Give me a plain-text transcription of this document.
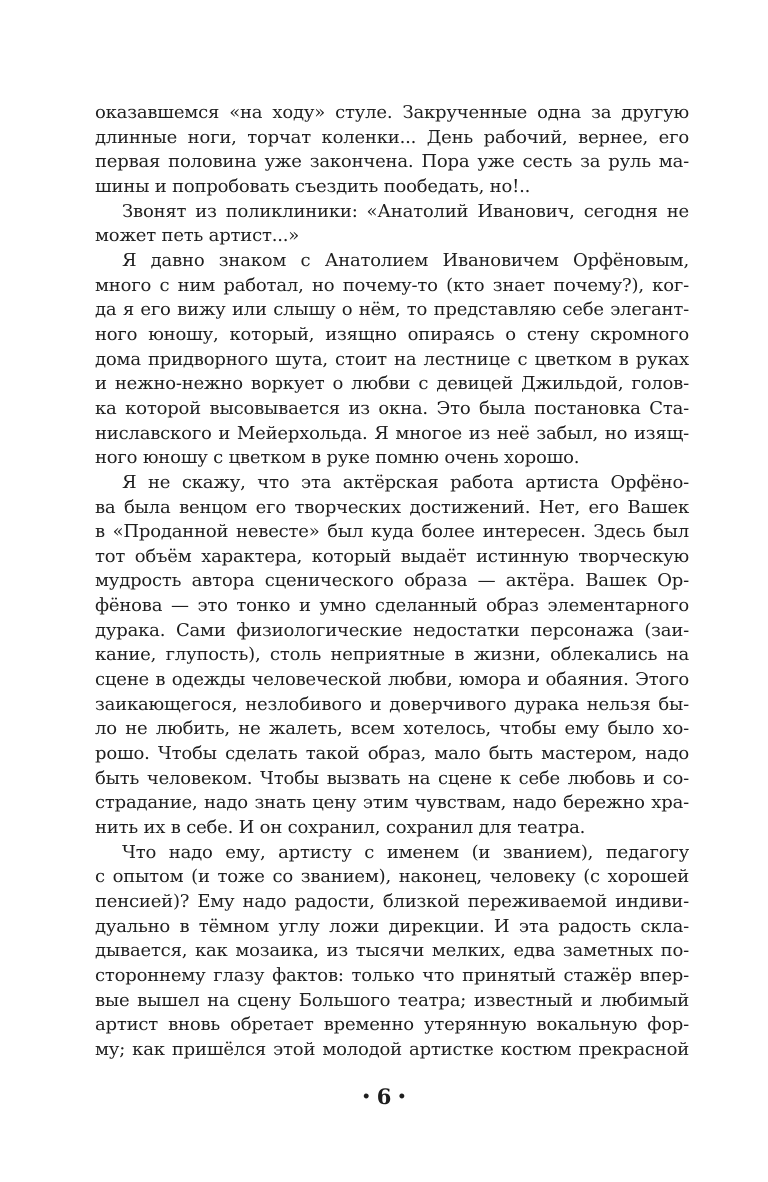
оказавшемся «на ходу» стуле. Закрученные одна за другую
длинные ноги, торчат коленки... День рабочий, вернее, его
первая половина уже закончена. Пора уже сесть за руль ма-
шины и попробовать съездить пообедать, но!..
Звонят из поликлиники: «Анатолий Иванович, сегодня не
может петь артист...»
Я давно знаком с Анатолием Ивановичем Орфёновым,
много с ним работал, но почему-то (кто знает почему?), ког-
да я его вижу или слышу о нём, то представляю себе элегант-
ного юношу, который, изящно опираясь о стену скромного
дома придворного шута, стоит на лестнице с цветком в руках
и нежно-нежно воркует о любви с девицей Джильдой, голов-
ка которой высовывается из окна. Это была постановка Ста-
ниславского и Мейерхольда. Я многое из неё забыл, но изящ-
ного юношу с цветком в руке помню очень хорошо.
Я не скажу, что эта актёрская работа артиста Орфёно-
ва была венцом его творческих достижений. Нет, его Вашек
в «Проданной невесте» был куда более интересен. Здесь был
тот объём характера, который выдаёт истинную творческую
мудрость автора сценического образа — актёра. Вашек Ор-
фёнова — это тонко и умно сделанный образ элементарного
дурака. Сами физиологические недостатки персонажа (заи-
кание, глупость), столь неприятные в жизни, облекались на
сцене в одежды человеческой любви, юмора и обаяния. Этого
заикающегося, незлобивого и доверчивого дурака нельзя бы-
ло не любить, не жалеть, всем хотелось, чтобы ему было хо-
рошо. Чтобы сделать такой образ, мало быть мастером, надо
быть человеком. Чтобы вызвать на сцене к себе любовь и со-
страдание, надо знать цену этим чувствам, надо бережно хра-
нить их в себе. И он сохранил, сохранил для театра.
Что надо ему, артисту с именем (и званием), педагогу
с опытом (и тоже со званием), наконец, человеку (с хорошей
пенсией)? Ему надо радости, близкой переживаемой индиви-
дуально в тёмном углу ложи дирекции. И эта радость скла-
дывается, как мозаика, из тысячи мелких, едва заметных по-
стороннему глазу фактов: только что принятый стажёр впер-
вые вышел на сцену Большого театра; известный и любимый
артист вновь обретает временно утерянную вокальную фор-
му; как пришёлся этой молодой артистке костюм прекрасной
• 6 •
